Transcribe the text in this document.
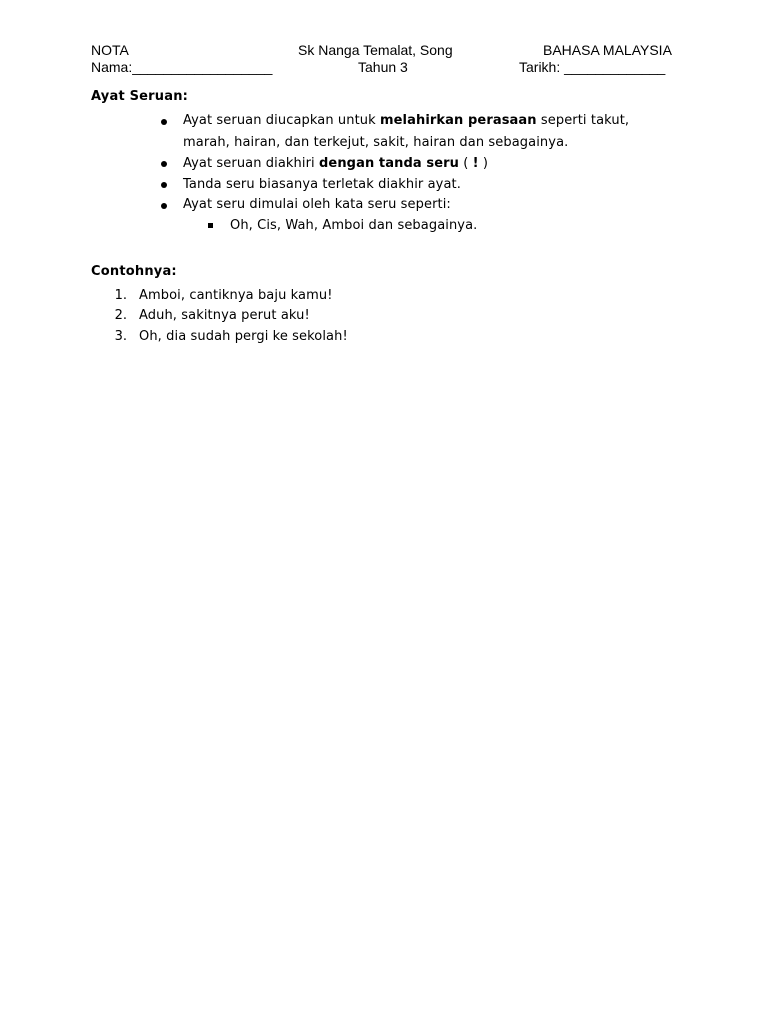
NOTA	Sk Nanga Temalat, Song	BAHASA MALAYSIA
Nama:__________________	Tahun 3	Tarikh: _____________
Ayat Seruan:
Ayat seruan diucapkan untuk melahirkan perasaan seperti takut,
marah, hairan, dan terkejut, sakit, hairan dan sebagainya.
Ayat seruan diakhiri dengan tanda seru ( ! )
Tanda seru biasanya terletak diakhir ayat.
Ayat seru dimulai oleh kata seru seperti:
Oh, Cis, Wah, Amboi dan sebagainya.
Contohnya:
1. Amboi, cantiknya baju kamu!
2. Aduh, sakitnya perut aku!
3. Oh, dia sudah pergi ke sekolah!
